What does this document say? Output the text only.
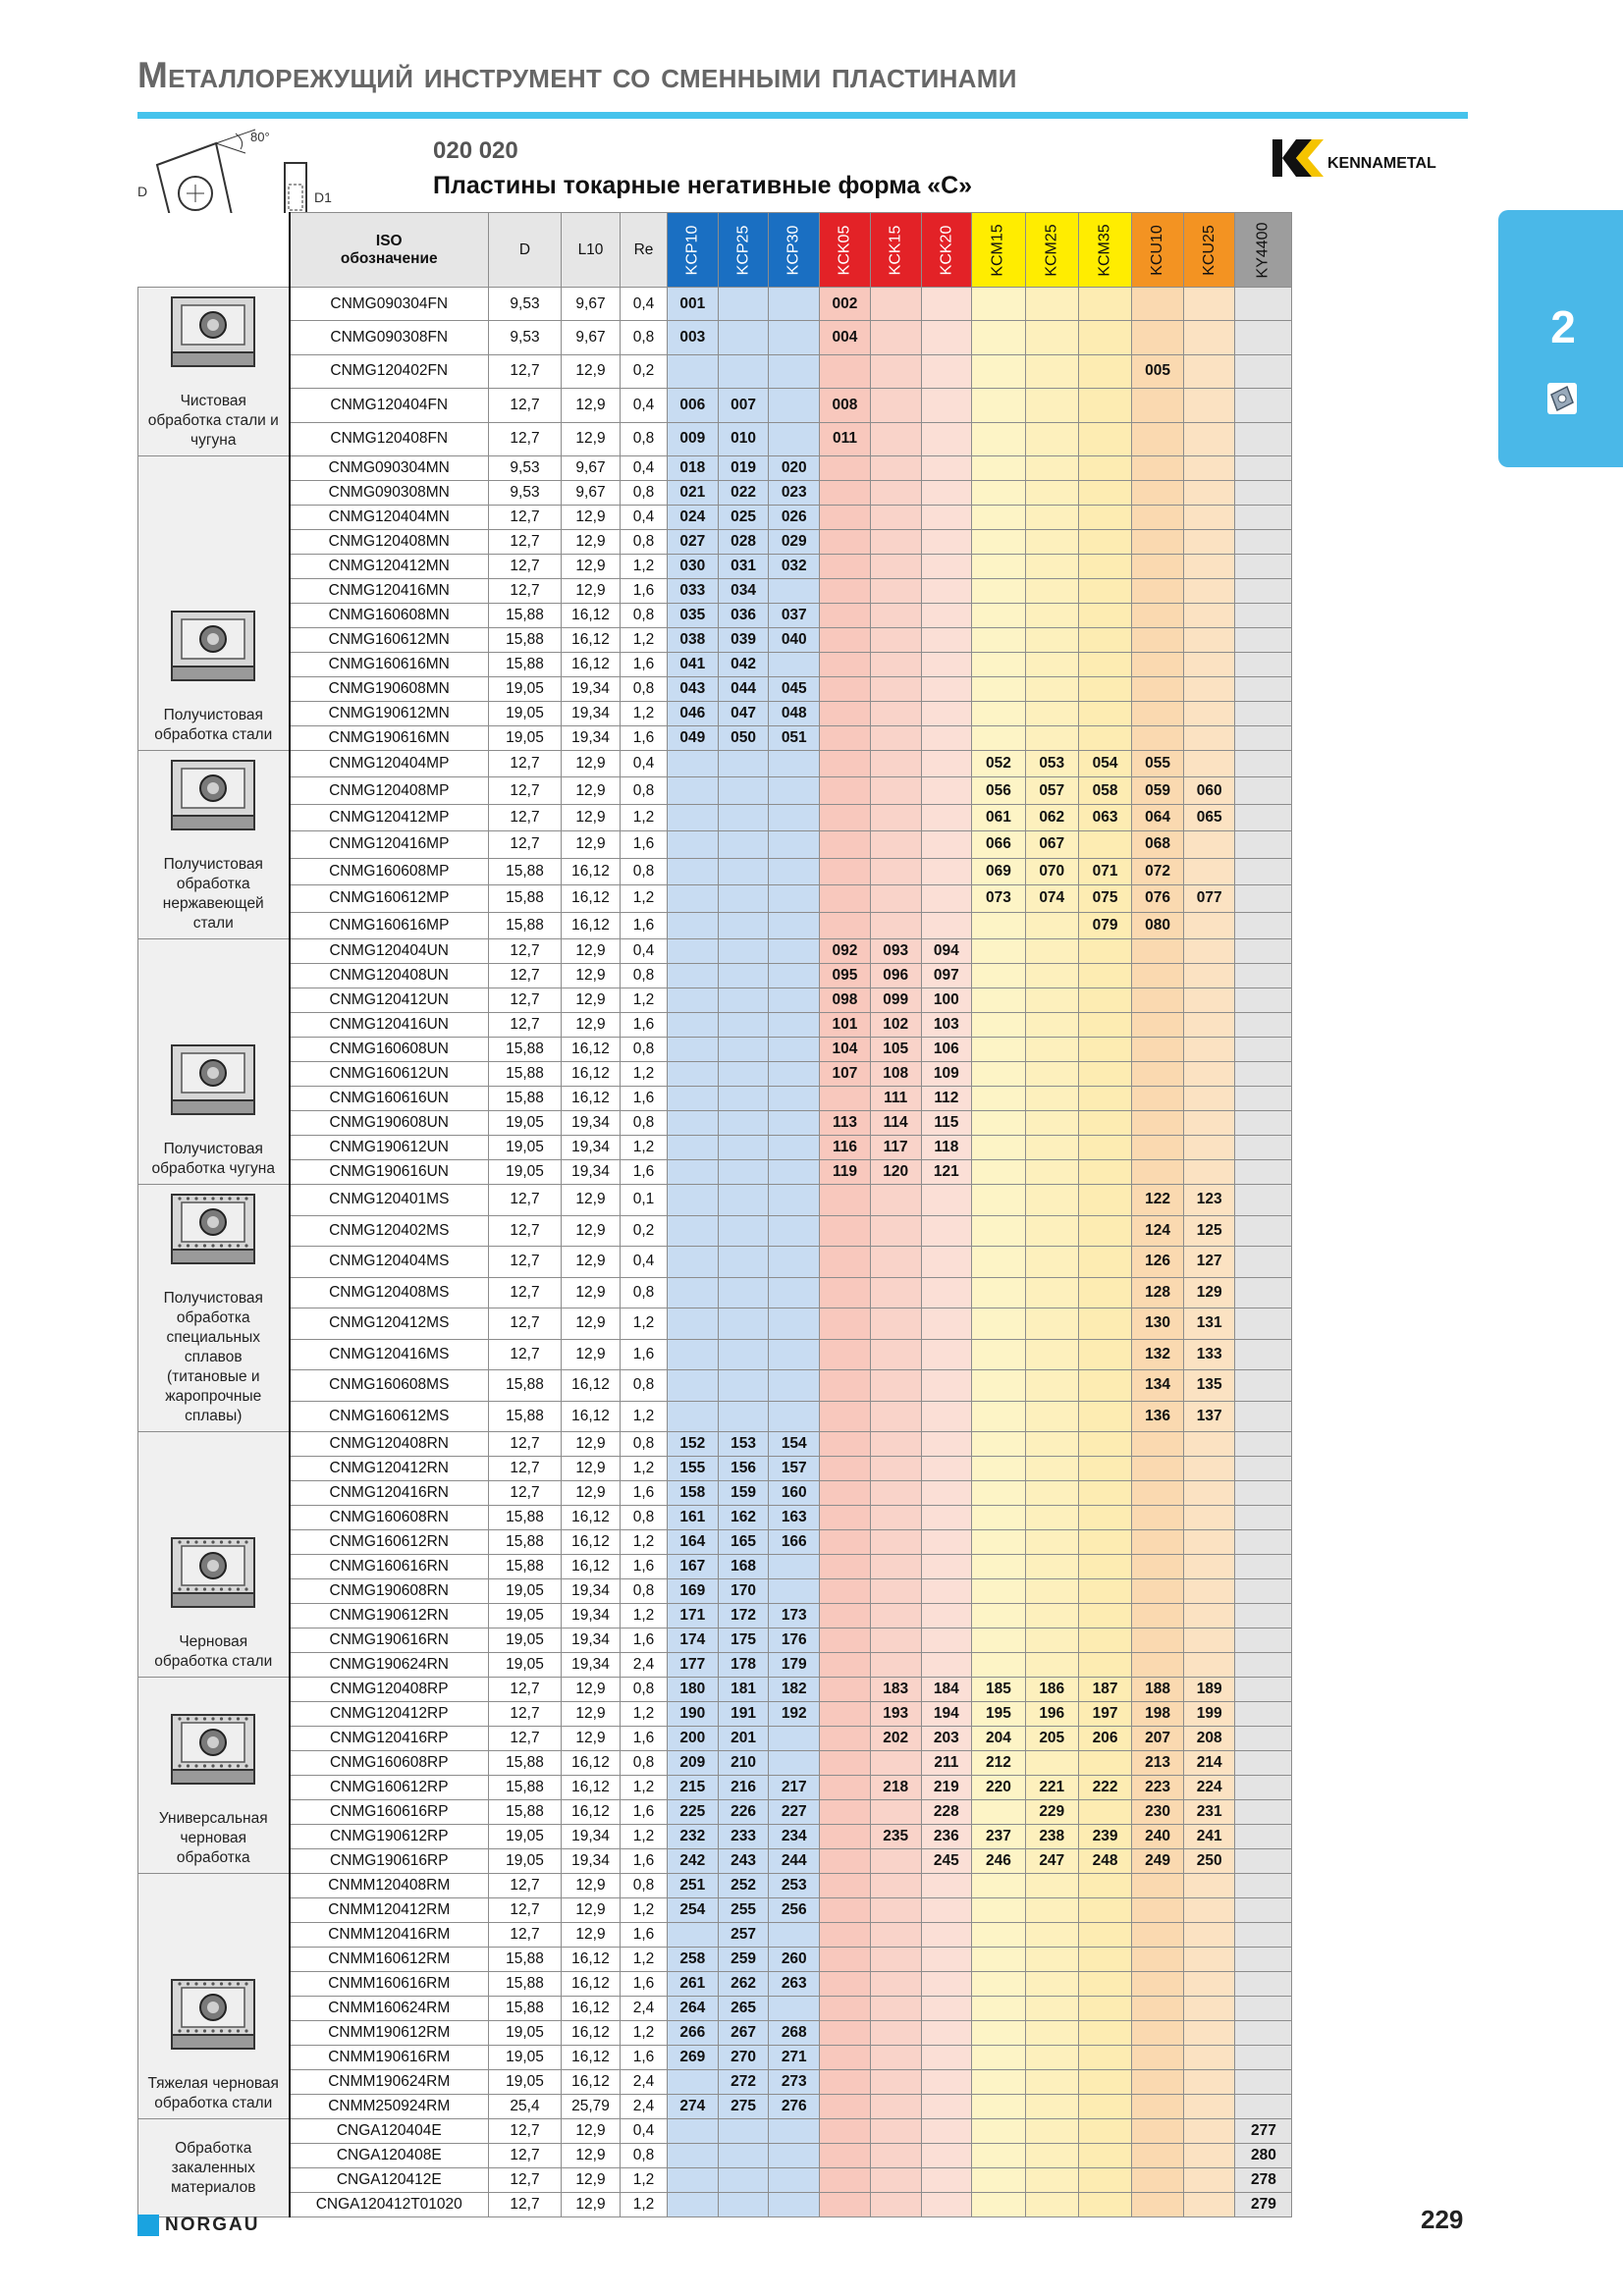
Металлорежущий инструмент со сменными пластинами
80°
D	D1
020 020
Пластины токарные негативные форма «С»
KENNAMETAL
2

	ISO
обозначение	D	L10	Re	KCP10	KCP25	KCP30	KCK05	KCK15	KCK20	KCM15	KCM25	KCM35	KCU10	KCU25	KY4400

Чистовая обработка стали и чугуна	CNMG090304FN	9,53	9,67	0,4	001			002								
	CNMG090308FN	9,53	9,67	0,8	003			004								
	CNMG120402FN	12,7	12,9	0,2										005		
	CNMG120404FN	12,7	12,9	0,4	006	007		008								
	CNMG120408FN	12,7	12,9	0,8	009	010		011								

Получистовая обработка стали	CNMG090304MN	9,53	9,67	0,4	018	019	020									
	CNMG090308MN	9,53	9,67	0,8	021	022	023									
	CNMG120404MN	12,7	12,9	0,4	024	025	026									
	CNMG120408MN	12,7	12,9	0,8	027	028	029									
	CNMG120412MN	12,7	12,9	1,2	030	031	032									
	CNMG120416MN	12,7	12,9	1,6	033	034										
	CNMG160608MN	15,88	16,12	0,8	035	036	037									
	CNMG160612MN	15,88	16,12	1,2	038	039	040									
	CNMG160616MN	15,88	16,12	1,6	041	042										
	CNMG190608MN	19,05	19,34	0,8	043	044	045									
	CNMG190612MN	19,05	19,34	1,2	046	047	048									
	CNMG190616MN	19,05	19,34	1,6	049	050	051									

Получистовая обработка нержавеющей стали	CNMG120404MP	12,7	12,9	0,4							052	053	054	055		
	CNMG120408MP	12,7	12,9	0,8							056	057	058	059	060	
	CNMG120412MP	12,7	12,9	1,2							061	062	063	064	065	
	CNMG120416MP	12,7	12,9	1,6							066	067		068		
	CNMG160608MP	15,88	16,12	0,8							069	070	071	072		
	CNMG160612MP	15,88	16,12	1,2							073	074	075	076	077	
	CNMG160616MP	15,88	16,12	1,6									079	080		

Получистовая обработка чугуна	CNMG120404UN	12,7	12,9	0,4				092	093	094						
	CNMG120408UN	12,7	12,9	0,8				095	096	097						
	CNMG120412UN	12,7	12,9	1,2				098	099	100						
	CNMG120416UN	12,7	12,9	1,6				101	102	103						
	CNMG160608UN	15,88	16,12	0,8				104	105	106						
	CNMG160612UN	15,88	16,12	1,2				107	108	109						
	CNMG160616UN	15,88	16,12	1,6					111	112						
	CNMG190608UN	19,05	19,34	0,8				113	114	115						
	CNMG190612UN	19,05	19,34	1,2				116	117	118						
	CNMG190616UN	19,05	19,34	1,6				119	120	121						

Получистовая обработка специальных сплавов (титановые и жаропрочные сплавы)	CNMG120401MS	12,7	12,9	0,1										122	123	
	CNMG120402MS	12,7	12,9	0,2										124	125	
	CNMG120404MS	12,7	12,9	0,4										126	127	
	CNMG120408MS	12,7	12,9	0,8										128	129	
	CNMG120412MS	12,7	12,9	1,2										130	131	
	CNMG120416MS	12,7	12,9	1,6										132	133	
	CNMG160608MS	15,88	16,12	0,8										134	135	
	CNMG160612MS	15,88	16,12	1,2										136	137	

Черновая обработка стали	CNMG120408RN	12,7	12,9	0,8	152	153	154									
	CNMG120412RN	12,7	12,9	1,2	155	156	157									
	CNMG120416RN	12,7	12,9	1,6	158	159	160									
	CNMG160608RN	15,88	16,12	0,8	161	162	163									
	CNMG160612RN	15,88	16,12	1,2	164	165	166									
	CNMG160616RN	15,88	16,12	1,6	167	168										
	CNMG190608RN	19,05	19,34	0,8	169	170										
	CNMG190612RN	19,05	19,34	1,2	171	172	173									
	CNMG190616RN	19,05	19,34	1,6	174	175	176									
	CNMG190624RN	19,05	19,34	2,4	177	178	179									

Универсальная черновая обработка	CNMG120408RP	12,7	12,9	0,8	180	181	182		183	184	185	186	187	188	189	
	CNMG120412RP	12,7	12,9	1,2	190	191	192		193	194	195	196	197	198	199	
	CNMG120416RP	12,7	12,9	1,6	200	201			202	203	204	205	206	207	208	
	CNMG160608RP	15,88	16,12	0,8	209	210				211	212			213	214	
	CNMG160612RP	15,88	16,12	1,2	215	216	217		218	219	220	221	222	223	224	
	CNMG160616RP	15,88	16,12	1,6	225	226	227			228		229		230	231	
	CNMG190612RP	19,05	19,34	1,2	232	233	234		235	236	237	238	239	240	241	
	CNMG190616RP	19,05	19,34	1,6	242	243	244			245	246	247	248	249	250	

Тяжелая черновая обработка стали	CNMM120408RM	12,7	12,9	0,8	251	252	253									
	CNMM120412RM	12,7	12,9	1,2	254	255	256									
	CNMM120416RM	12,7	12,9	1,6		257										
	CNMM160612RM	15,88	16,12	1,2	258	259	260									
	CNMM160616RM	15,88	16,12	1,6	261	262	263									
	CNMM160624RM	15,88	16,12	2,4	264	265										
	CNMM190612RM	19,05	16,12	1,2	266	267	268									
	CNMM190616RM	19,05	16,12	1,6	269	270	271									
	CNMM190624RM	19,05	16,12	2,4		272	273									
	CNMM250924RM	25,4	25,79	2,4	274	275	276									

Обработка закаленных материалов	CNGA120404E	12,7	12,9	0,4												277
	CNGA120408E	12,7	12,9	0,8												280
	CNGA120412E	12,7	12,9	1,2												278
	CNGA120412T01020	12,7	12,9	1,2												279
NORGAU	229
